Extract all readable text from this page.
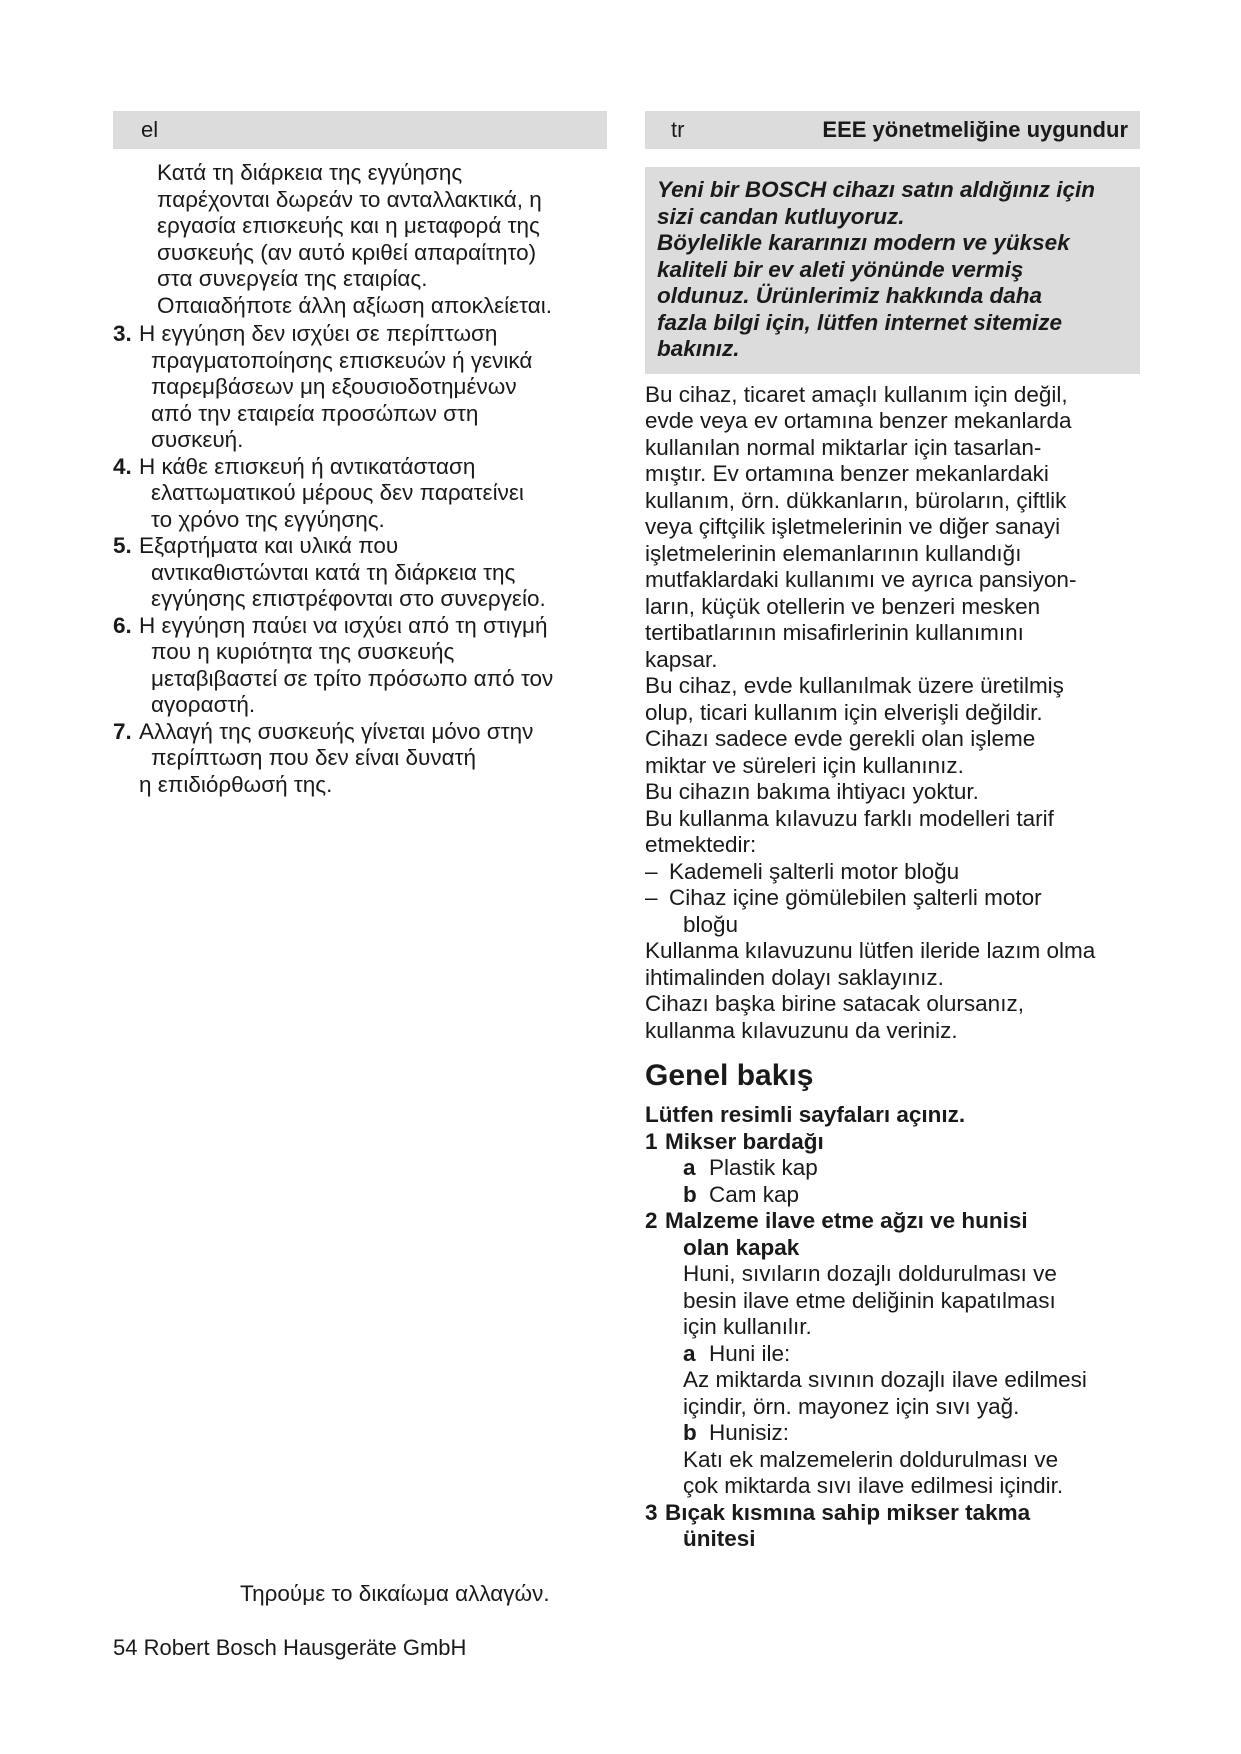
el

Κατά τη διάρκεια της εγγύησης

παρέχονται δωρεάν το ανταλλακτικά, η

εργασία επισκευής και η μεταφορά της

συσκευής (αν αυτό κριθεί απαραίτητο)

στα συνεργεία της εταιρίας.

Οπαιαδήποτε άλλη αξίωση αποκλείεται.

3. Η εγγύηση δεν ισχύει σε περίπτωση
πραγματοποίησης επισκευών ή γενικά
παρεμβάσεων μη εξουσιοδοτημένων
από την εταιρεία προσώπων στη
συσκευή.
4. Η κάθε επισκευή ή αντικατάσταση
ελαττωματικού μέρους δεν παρατείνει
το χρόνο της εγγύησης.
5. Εξαρτήματα και υλικά που
αντικαθιστώνται κατά τη διάρκεια της
εγγύησης επιστρέφονται στο συνεργείο.
6. Η εγγύηση παύει να ισχύει από τη στιγμή
που η κυριότητα της συσκευής
μεταβιβαστεί σε τρίτο πρόσωπο από τον
αγοραστή.
7. Αλλαγή της συσκευής γίνεται μόνο στην
περίπτωση που δεν είναι δυνατή
η επιδιόρθωσή της.
tr	EEE yönetmeliğine uygundur

Yeni bir BOSCH cihazı satın aldığınız için

sizi candan kutluyoruz.

Böylelikle kararınızı modern ve yüksek

kaliteli bir ev aleti yönünde vermiş

oldunuz. Ürünlerimiz hakkında daha

fazla bilgi için, lütfen internet sitemize

bakınız.

Bu cihaz, ticaret amaçlı kullanım için değil,

evde veya ev ortamına benzer mekanlarda

kullanılan normal miktarlar için tasarlan-

mıştır. Ev ortamına benzer mekanlardaki

kullanım, örn. dükkanların, büroların, çiftlik

veya çiftçilik işletmelerinin ve diğer sanayi

işletmelerinin elemanlarının kullandığı

mutfaklardaki kullanımı ve ayrıca pansiyon-

ların, küçük otellerin ve benzeri mesken

tertibatlarının misafirlerinin kullanımını

kapsar.

Bu cihaz, evde kullanılmak üzere üretilmiş

olup, ticari kullanım için elverişli değildir.

Cihazı sadece evde gerekli olan işleme

miktar ve süreleri için kullanınız.

Bu cihazın bakıma ihtiyacı yoktur.

Bu kullanma kılavuzu farklı modelleri tarif

etmektedir:

– Kademeli şalterli motor bloğu
– Cihaz içine gömülebilen şalterli motor
bloğu

Kullanma kılavuzunu lütfen ileride lazım olma

ihtimalinden dolayı saklayınız.

Cihazı başka birine satacak olursanız,

kullanma kılavuzunu da veriniz.

Genel bakış
Lütfen resimli sayfaları açınız.
1 Mikser bardağı
a Plastik kap
b Cam kap
2 Malzeme ilave etme ağzı ve hunisi
olan kapak
Huni, sıvıların dozajlı doldurulması ve
besin ilave etme deliğinin kapatılması
için kullanılır.
a Huni ile:
Az miktarda sıvının dozajlı ilave edilmesi
içindir, örn. mayonez için sıvı yağ.
b Hunisiz:
Katı ek malzemelerin doldurulması ve
çok miktarda sıvı ilave edilmesi içindir.
3 Bıçak kısmına sahip mikser takma
ünitesi
Τηρούμε το δικαίωμα αλλαγών.
54 Robert Bosch Hausgeräte GmbH
